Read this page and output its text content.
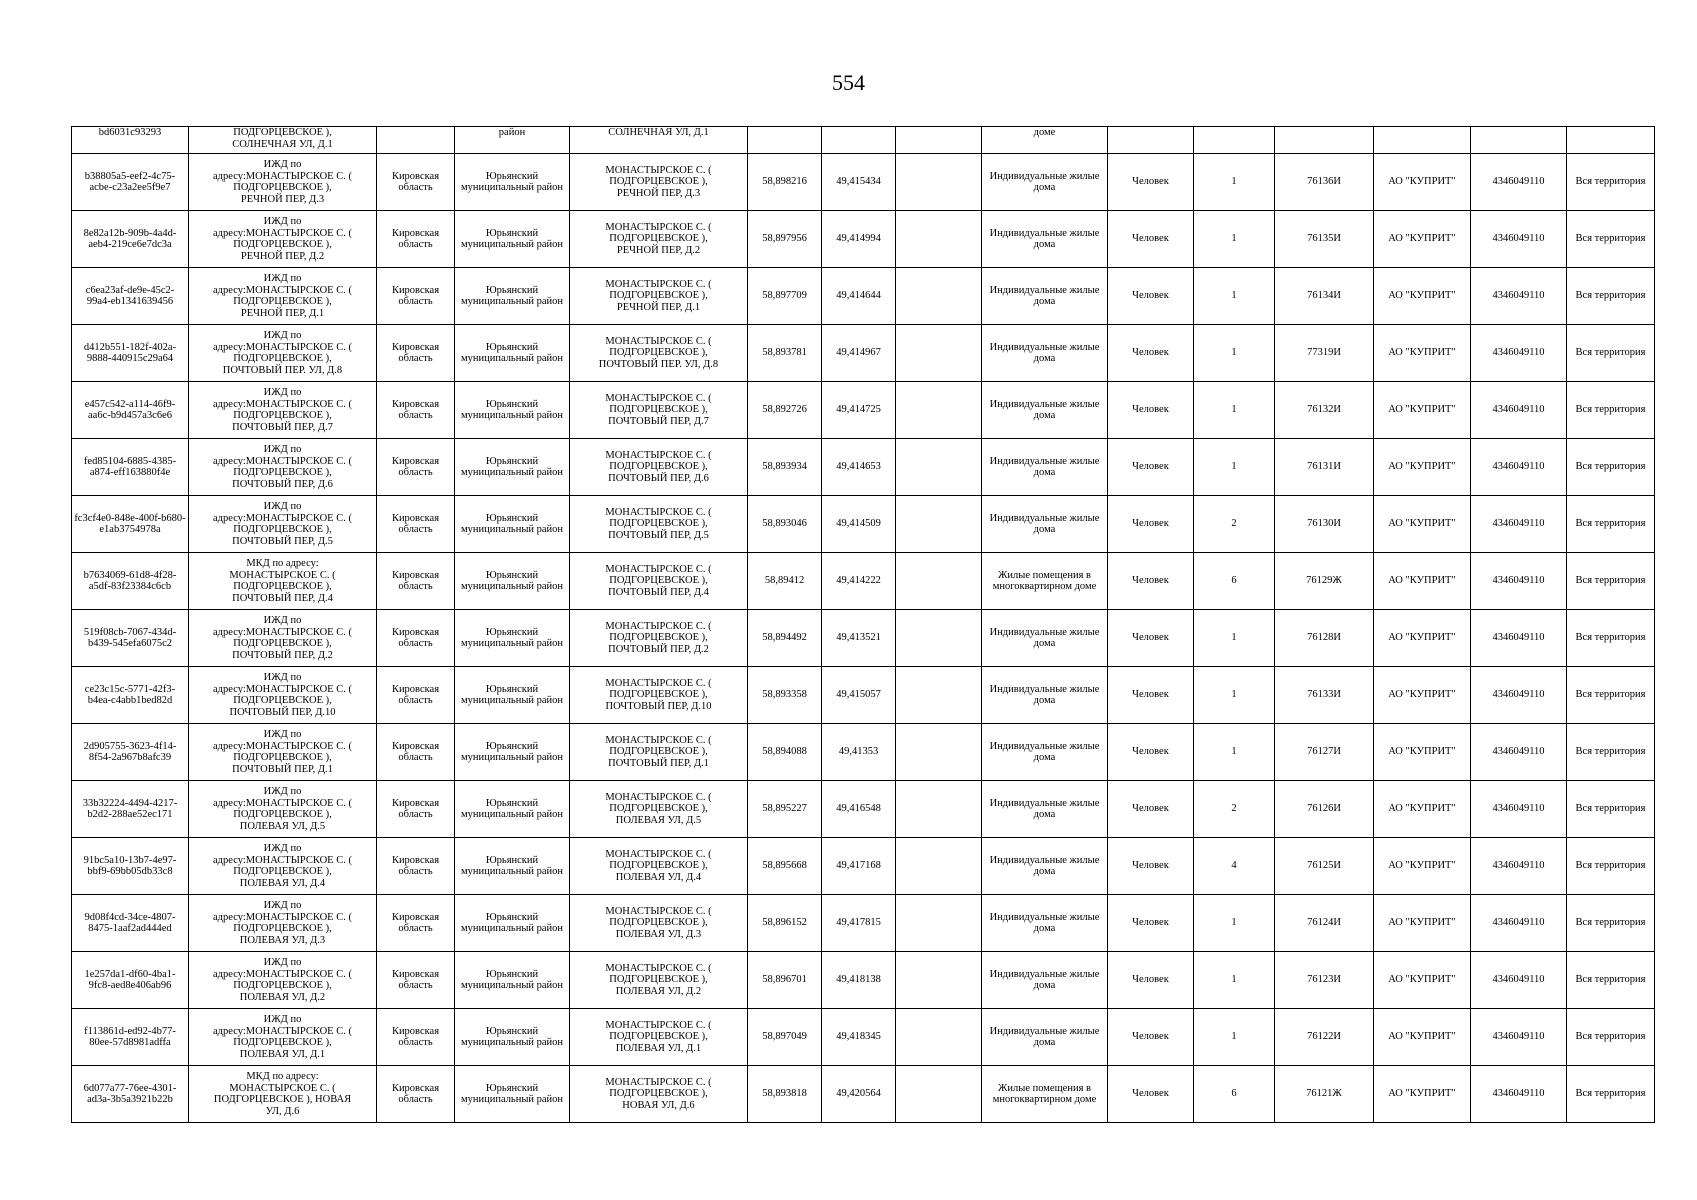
554
bd6031c93293	ПОДГОРЦЕВСКОЕ ),
СОЛНЕЧНАЯ УЛ, Д.1		район	СОЛНЕЧНАЯ УЛ, Д.1				доме						
b38805a5-eef2-4c75-acbe-c23a2ee5f9e7	ИЖД по
адресу:МОНАСТЫРСКОЕ С. (
ПОДГОРЦЕВСКОЕ ),
РЕЧНОЙ ПЕР, Д.3	Кировская область	Юрьянский муниципальный район	МОНАСТЫРСКОЕ С. (
ПОДГОРЦЕВСКОЕ ),
РЕЧНОЙ ПЕР, Д.3	58,898216	49,415434		Индивидуальные жилые дома	Человек	1	76136И	АО "КУПРИТ"	4346049110	Вся территория
8e82a12b-909b-4a4d-aeb4-219ce6e7dc3a	ИЖД по
адресу:МОНАСТЫРСКОЕ С. (
ПОДГОРЦЕВСКОЕ ),
РЕЧНОЙ ПЕР, Д.2	Кировская область	Юрьянский муниципальный район	МОНАСТЫРСКОЕ С. (
ПОДГОРЦЕВСКОЕ ),
РЕЧНОЙ ПЕР, Д.2	58,897956	49,414994		Индивидуальные жилые дома	Человек	1	76135И	АО "КУПРИТ"	4346049110	Вся территория
c6ea23af-de9e-45c2-99a4-eb1341639456	ИЖД по
адресу:МОНАСТЫРСКОЕ С. (
ПОДГОРЦЕВСКОЕ ),
РЕЧНОЙ ПЕР, Д.1	Кировская область	Юрьянский муниципальный район	МОНАСТЫРСКОЕ С. (
ПОДГОРЦЕВСКОЕ ),
РЕЧНОЙ ПЕР, Д.1	58,897709	49,414644		Индивидуальные жилые дома	Человек	1	76134И	АО "КУПРИТ"	4346049110	Вся территория
d412b551-182f-402a-9888-440915c29a64	ИЖД по
адресу:МОНАСТЫРСКОЕ С. (
ПОДГОРЦЕВСКОЕ ),
ПОЧТОВЫЙ ПЕР. УЛ, Д.8	Кировская область	Юрьянский муниципальный район	МОНАСТЫРСКОЕ С. (
ПОДГОРЦЕВСКОЕ ),
ПОЧТОВЫЙ ПЕР. УЛ, Д.8	58,893781	49,414967		Индивидуальные жилые дома	Человек	1	77319И	АО "КУПРИТ"	4346049110	Вся территория
e457c542-a114-46f9-aa6c-b9d457a3c6e6	ИЖД по
адресу:МОНАСТЫРСКОЕ С. (
ПОДГОРЦЕВСКОЕ ),
ПОЧТОВЫЙ ПЕР, Д.7	Кировская область	Юрьянский муниципальный район	МОНАСТЫРСКОЕ С. (
ПОДГОРЦЕВСКОЕ ),
ПОЧТОВЫЙ ПЕР, Д.7	58,892726	49,414725		Индивидуальные жилые дома	Человек	1	76132И	АО "КУПРИТ"	4346049110	Вся территория
fed85104-6885-4385-a874-eff163880f4e	ИЖД по
адресу:МОНАСТЫРСКОЕ С. (
ПОДГОРЦЕВСКОЕ ),
ПОЧТОВЫЙ ПЕР, Д.6	Кировская область	Юрьянский муниципальный район	МОНАСТЫРСКОЕ С. (
ПОДГОРЦЕВСКОЕ ),
ПОЧТОВЫЙ ПЕР, Д.6	58,893934	49,414653		Индивидуальные жилые дома	Человек	1	76131И	АО "КУПРИТ"	4346049110	Вся территория
fc3cf4e0-848e-400f-b680-e1ab3754978a	ИЖД по
адресу:МОНАСТЫРСКОЕ С. (
ПОДГОРЦЕВСКОЕ ),
ПОЧТОВЫЙ ПЕР, Д.5	Кировская область	Юрьянский муниципальный район	МОНАСТЫРСКОЕ С. (
ПОДГОРЦЕВСКОЕ ),
ПОЧТОВЫЙ ПЕР, Д.5	58,893046	49,414509		Индивидуальные жилые дома	Человек	2	76130И	АО "КУПРИТ"	4346049110	Вся территория
b7634069-61d8-4f28-a5df-83f23384c6cb	МКД по адресу:
МОНАСТЫРСКОЕ С. (
ПОДГОРЦЕВСКОЕ ),
ПОЧТОВЫЙ ПЕР, Д.4	Кировская область	Юрьянский муниципальный район	МОНАСТЫРСКОЕ С. (
ПОДГОРЦЕВСКОЕ ),
ПОЧТОВЫЙ ПЕР, Д.4	58,89412	49,414222		Жилые помещения в многоквартирном доме	Человек	6	76129Ж	АО "КУПРИТ"	4346049110	Вся территория
519f08cb-7067-434d-b439-545efa6075c2	ИЖД по
адресу:МОНАСТЫРСКОЕ С. (
ПОДГОРЦЕВСКОЕ ),
ПОЧТОВЫЙ ПЕР, Д.2	Кировская область	Юрьянский муниципальный район	МОНАСТЫРСКОЕ С. (
ПОДГОРЦЕВСКОЕ ),
ПОЧТОВЫЙ ПЕР, Д.2	58,894492	49,413521		Индивидуальные жилые дома	Человек	1	76128И	АО "КУПРИТ"	4346049110	Вся территория
ce23c15c-5771-42f3-b4ea-c4abb1bed82d	ИЖД по
адресу:МОНАСТЫРСКОЕ С. (
ПОДГОРЦЕВСКОЕ ),
ПОЧТОВЫЙ ПЕР, Д.10	Кировская область	Юрьянский муниципальный район	МОНАСТЫРСКОЕ С. (
ПОДГОРЦЕВСКОЕ ),
ПОЧТОВЫЙ ПЕР, Д.10	58,893358	49,415057		Индивидуальные жилые дома	Человек	1	76133И	АО "КУПРИТ"	4346049110	Вся территория
2d905755-3623-4f14-8f54-2a967b8afc39	ИЖД по
адресу:МОНАСТЫРСКОЕ С. (
ПОДГОРЦЕВСКОЕ ),
ПОЧТОВЫЙ ПЕР, Д.1	Кировская область	Юрьянский муниципальный район	МОНАСТЫРСКОЕ С. (
ПОДГОРЦЕВСКОЕ ),
ПОЧТОВЫЙ ПЕР, Д.1	58,894088	49,41353		Индивидуальные жилые дома	Человек	1	76127И	АО "КУПРИТ"	4346049110	Вся территория
33b32224-4494-4217-b2d2-288ae52ec171	ИЖД по
адресу:МОНАСТЫРСКОЕ С. (
ПОДГОРЦЕВСКОЕ ),
ПОЛЕВАЯ УЛ, Д.5	Кировская область	Юрьянский муниципальный район	МОНАСТЫРСКОЕ С. (
ПОДГОРЦЕВСКОЕ ),
ПОЛЕВАЯ УЛ, Д.5	58,895227	49,416548		Индивидуальные жилые дома	Человек	2	76126И	АО "КУПРИТ"	4346049110	Вся территория
91bc5a10-13b7-4e97-bbf9-69bb05db33c8	ИЖД по
адресу:МОНАСТЫРСКОЕ С. (
ПОДГОРЦЕВСКОЕ ),
ПОЛЕВАЯ УЛ, Д.4	Кировская область	Юрьянский муниципальный район	МОНАСТЫРСКОЕ С. (
ПОДГОРЦЕВСКОЕ ),
ПОЛЕВАЯ УЛ, Д.4	58,895668	49,417168		Индивидуальные жилые дома	Человек	4	76125И	АО "КУПРИТ"	4346049110	Вся территория
9d08f4cd-34ce-4807-8475-1aaf2ad444ed	ИЖД по
адресу:МОНАСТЫРСКОЕ С. (
ПОДГОРЦЕВСКОЕ ),
ПОЛЕВАЯ УЛ, Д.3	Кировская область	Юрьянский муниципальный район	МОНАСТЫРСКОЕ С. (
ПОДГОРЦЕВСКОЕ ),
ПОЛЕВАЯ УЛ, Д.3	58,896152	49,417815		Индивидуальные жилые дома	Человек	1	76124И	АО "КУПРИТ"	4346049110	Вся территория
1e257da1-df60-4ba1-9fc8-aed8e406ab96	ИЖД по
адресу:МОНАСТЫРСКОЕ С. (
ПОДГОРЦЕВСКОЕ ),
ПОЛЕВАЯ УЛ, Д.2	Кировская область	Юрьянский муниципальный район	МОНАСТЫРСКОЕ С. (
ПОДГОРЦЕВСКОЕ ),
ПОЛЕВАЯ УЛ, Д.2	58,896701	49,418138		Индивидуальные жилые дома	Человек	1	76123И	АО "КУПРИТ"	4346049110	Вся территория
f113861d-ed92-4b77-80ee-57d8981adffa	ИЖД по
адресу:МОНАСТЫРСКОЕ С. (
ПОДГОРЦЕВСКОЕ ),
ПОЛЕВАЯ УЛ, Д.1	Кировская область	Юрьянский муниципальный район	МОНАСТЫРСКОЕ С. (
ПОДГОРЦЕВСКОЕ ),
ПОЛЕВАЯ УЛ, Д.1	58,897049	49,418345		Индивидуальные жилые дома	Человек	1	76122И	АО "КУПРИТ"	4346049110	Вся территория
6d077a77-76ee-4301-ad3a-3b5a3921b22b	МКД по адресу:
МОНАСТЫРСКОЕ С. (
ПОДГОРЦЕВСКОЕ ), НОВАЯ
УЛ, Д.6	Кировская область	Юрьянский муниципальный район	МОНАСТЫРСКОЕ С. (
ПОДГОРЦЕВСКОЕ ),
НОВАЯ УЛ, Д.6	58,893818	49,420564		Жилые помещения в многоквартирном доме	Человек	6	76121Ж	АО "КУПРИТ"	4346049110	Вся территория
